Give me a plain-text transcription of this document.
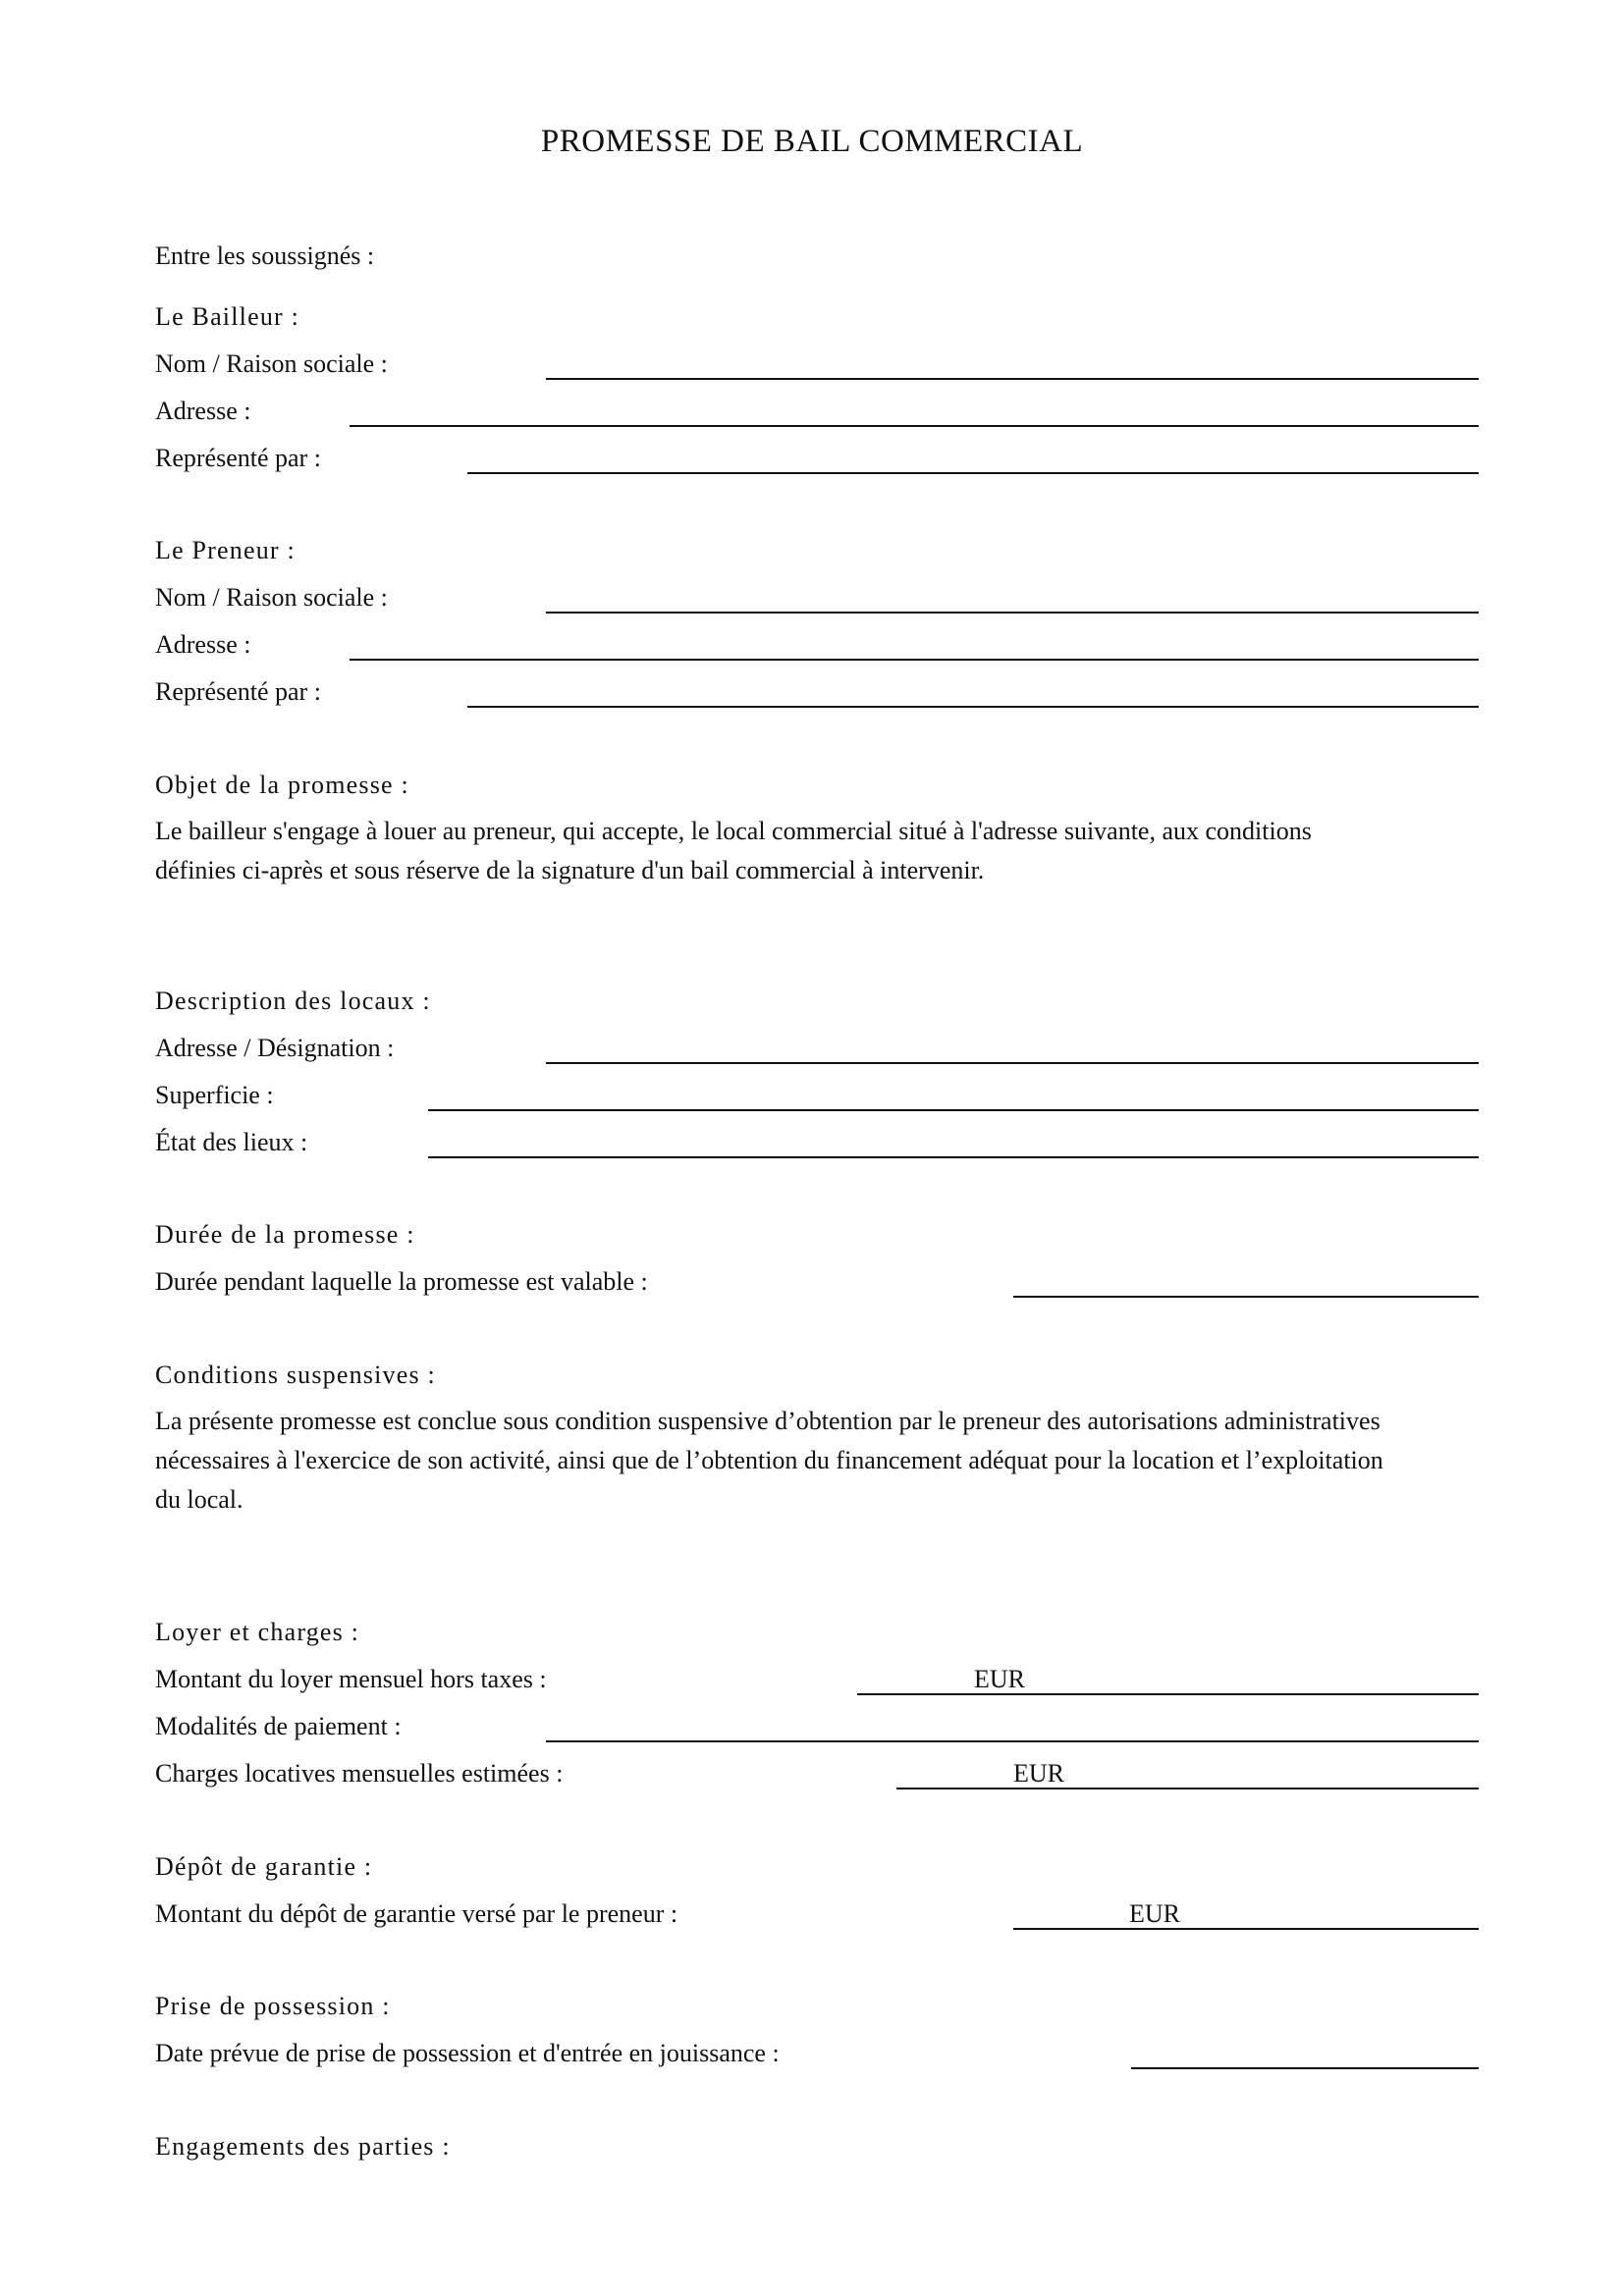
PROMESSE DE BAIL COMMERCIAL
Entre les soussignés :
Le Bailleur :
Nom / Raison sociale :
Adresse :
Représenté par :
Le Preneur :
Nom / Raison sociale :
Adresse :
Représenté par :
Objet de la promesse :
Le bailleur s'engage à louer au preneur, qui accepte, le local commercial situé à l'adresse suivante, aux conditions
définies ci-après et sous réserve de la signature d'un bail commercial à intervenir.
Description des locaux :
Adresse / Désignation :
Superficie :
État des lieux :
Durée de la promesse :
Durée pendant laquelle la promesse est valable :
Conditions suspensives :
La présente promesse est conclue sous condition suspensive d’obtention par le preneur des autorisations administratives
nécessaires à l'exercice de son activité, ainsi que de l’obtention du financement adéquat pour la location et l’exploitation
du local.
Loyer et charges :
Montant du loyer mensuel hors taxes :	EUR
Modalités de paiement :
Charges locatives mensuelles estimées :	EUR
Dépôt de garantie :
Montant du dépôt de garantie versé par le preneur :	EUR
Prise de possession :
Date prévue de prise de possession et d'entrée en jouissance :
Engagements des parties :
